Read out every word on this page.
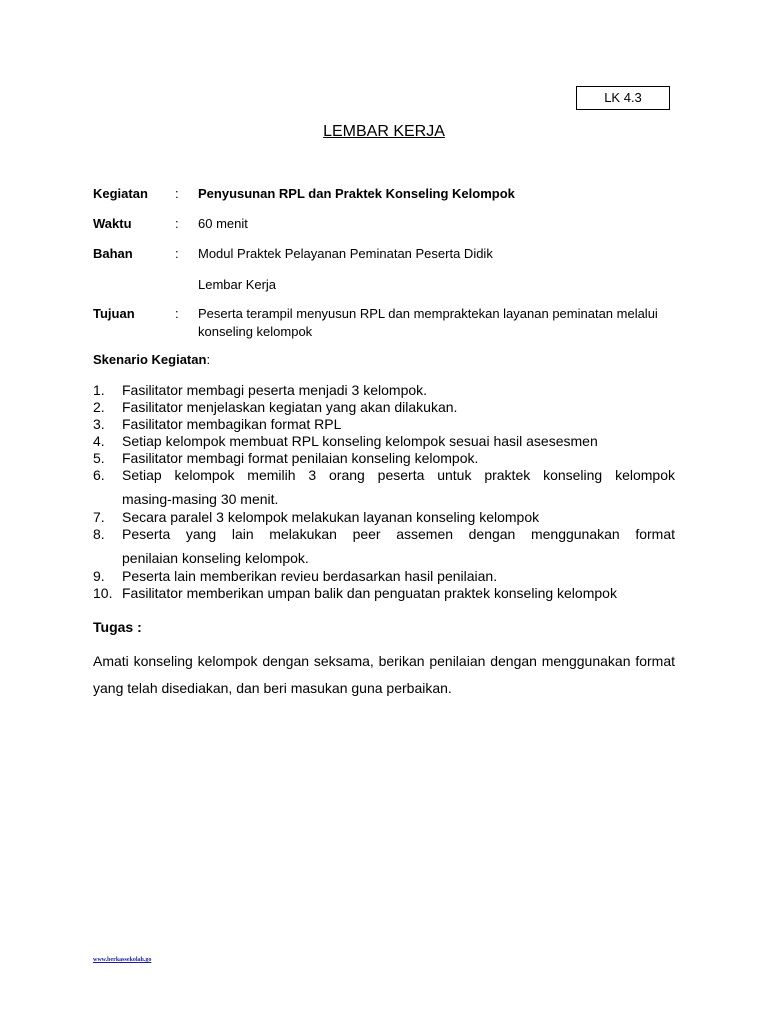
LK 4.3
LEMBAR KERJA
Kegiatan : Penyusunan RPL dan Praktek Konseling Kelompok
Waktu	: 60 menit
Bahan	: Modul Praktek Pelayanan Peminatan Peserta Didik
Lembar Kerja
Tujuan	: Peserta terampil menyusun RPL dan mempraktekan layanan peminatan melalui konseling kelompok
Skenario Kegiatan:
1. Fasilitator membagi peserta menjadi 3 kelompok.
2. Fasilitator menjelaskan kegiatan yang akan dilakukan.
3. Fasilitator membagikan format RPL
4. Setiap kelompok membuat RPL konseling kelompok sesuai hasil asesesmen
5. Fasilitator membagi format penilaian konseling kelompok.
6. Setiap kelompok memilih 3 orang peserta untuk praktek konseling kelompok
masing-masing 30 menit.
7. Secara paralel 3 kelompok melakukan layanan konseling kelompok
8. Peserta yang lain melakukan peer assemen dengan menggunakan format
penilaian konseling kelompok.
9. Peserta lain memberikan revieu berdasarkan hasil penilaian.
10. Fasilitator memberikan umpan balik dan penguatan praktek konseling kelompok
Tugas :
Amati konseling kelompok dengan seksama, berikan penilaian dengan menggunakan format yang telah disediakan, dan beri masukan guna perbaikan.
www.berkassekolah.go
